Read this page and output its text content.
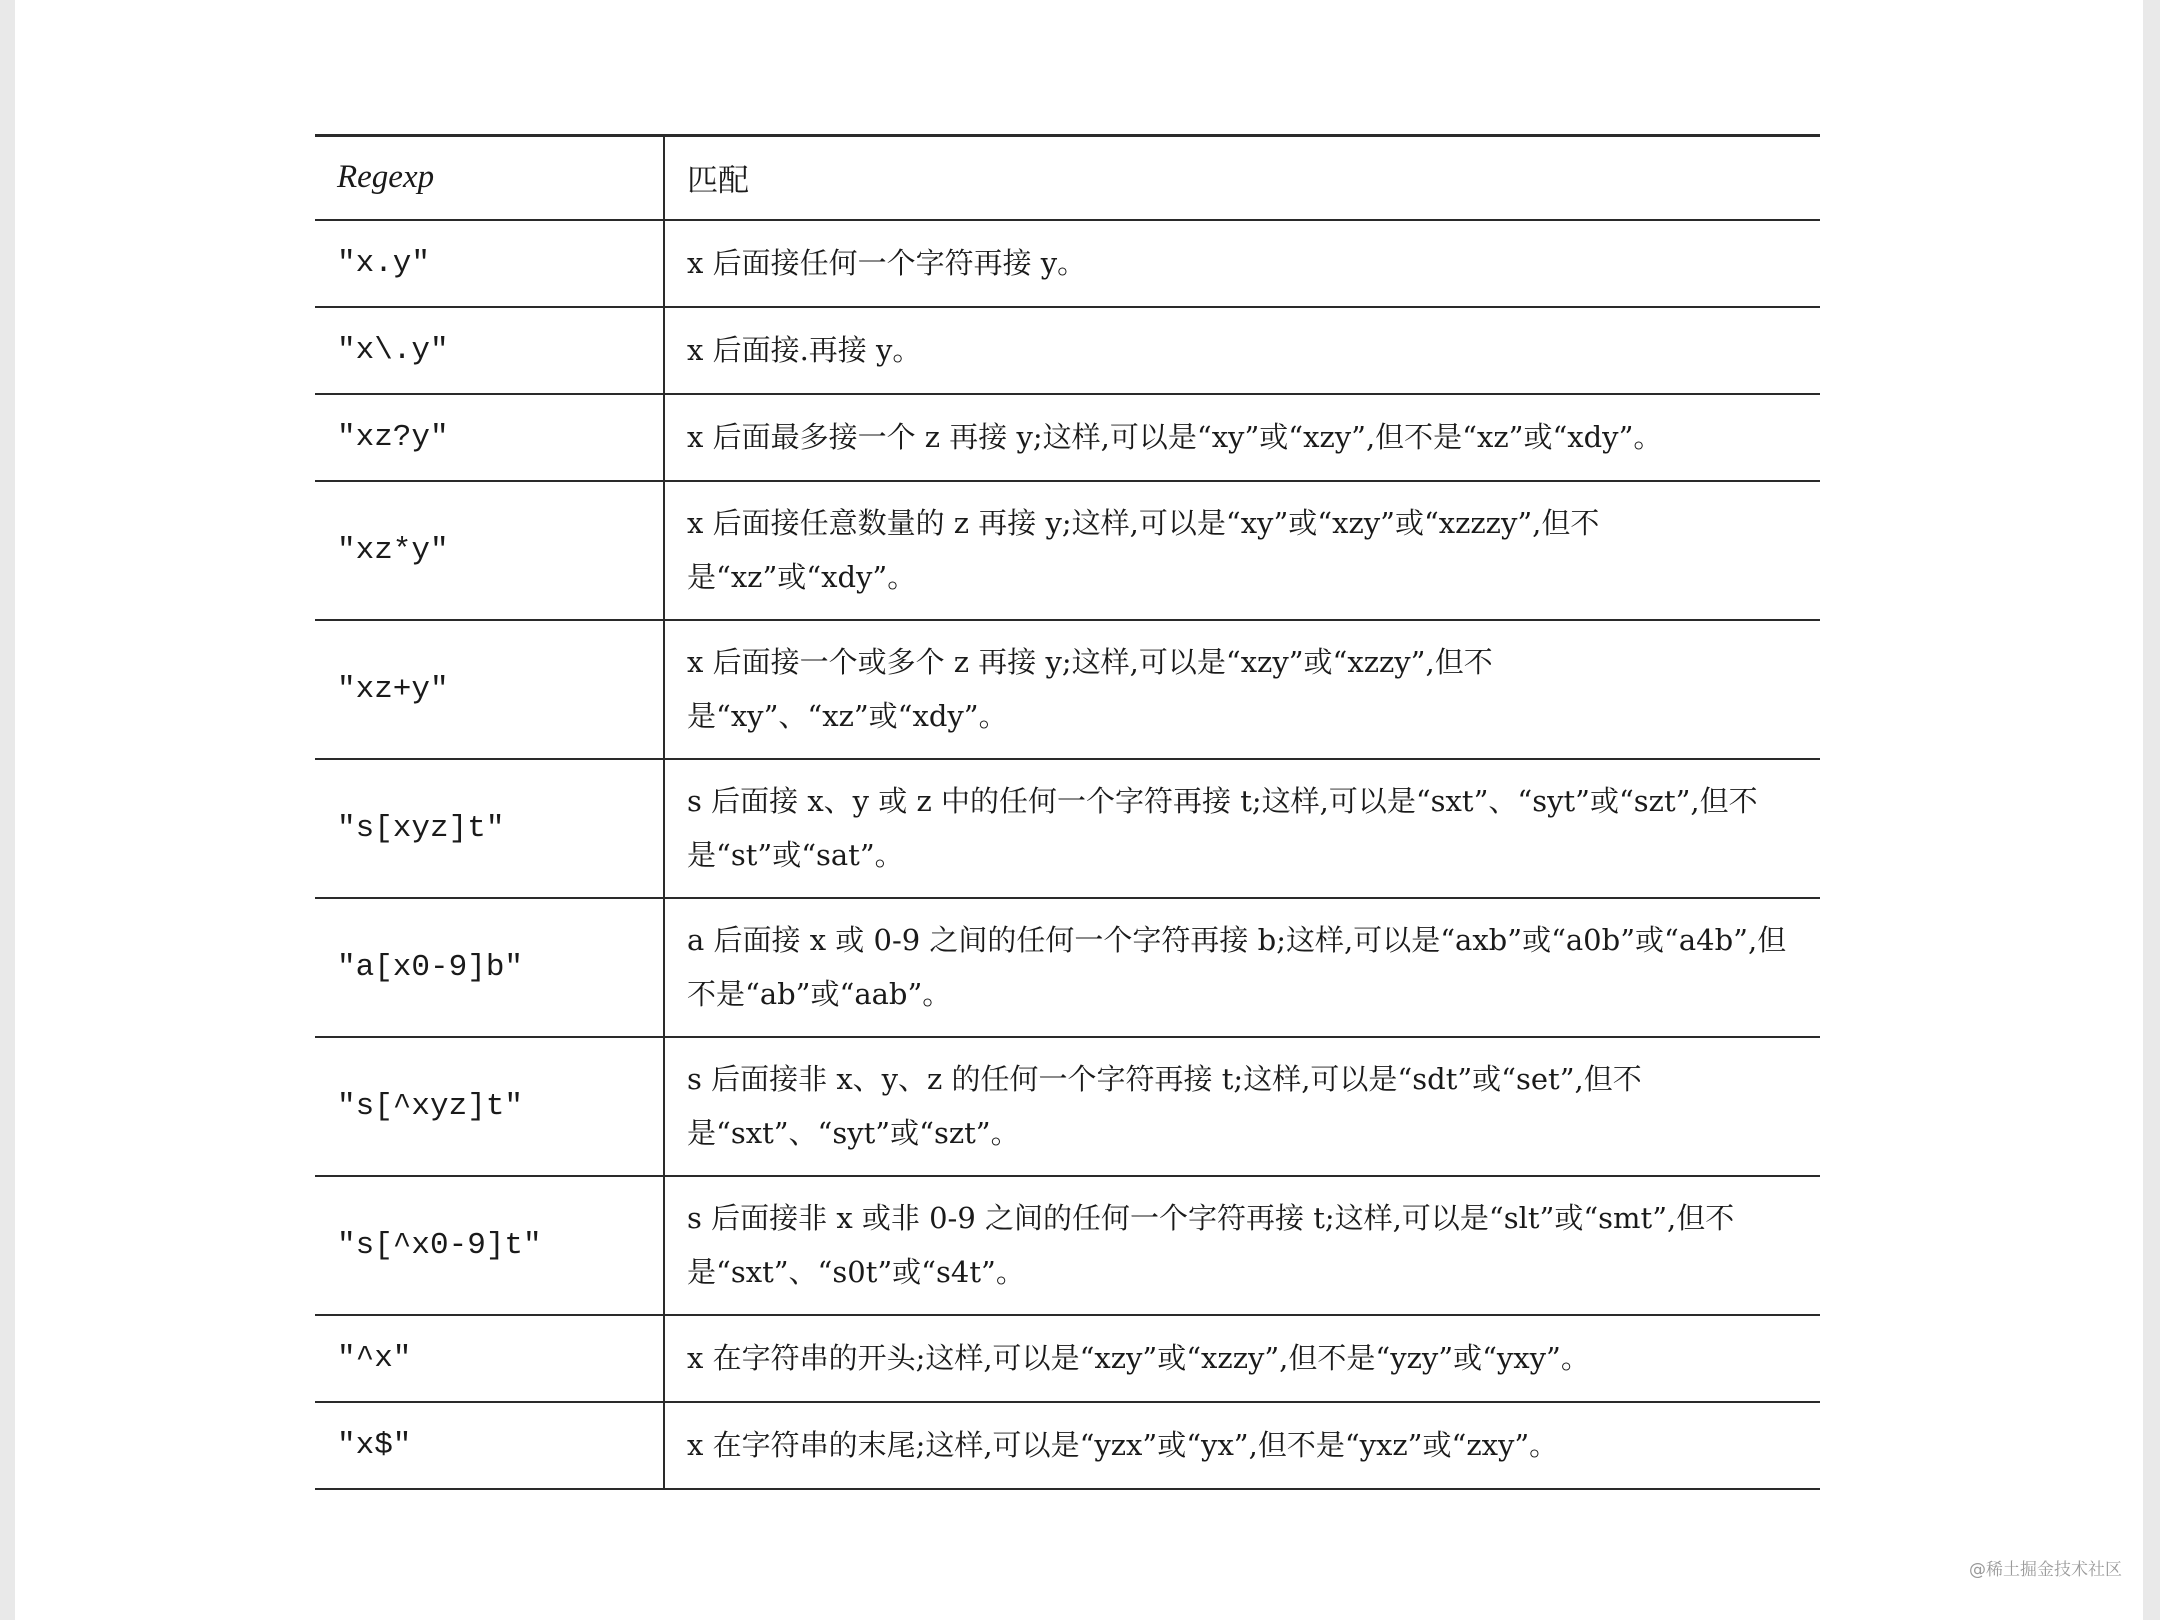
Regexp	匹配
"x.y"	x 后面接任何一个字符再接 y。
"x\.y"	x 后面接.再接 y。
"xz?y"	x 后面最多接一个 z 再接 y;这样,可以是“xy”或“xzy”,但不是“xz”或“xdy”。
"xz*y"	x 后面接任意数量的 z 再接 y;这样,可以是“xy”或“xzy”或“xzzzy”,但不是“xz”或“xdy”。
"xz+y"	x 后面接一个或多个 z 再接 y;这样,可以是“xzy”或“xzzy”,但不是“xy”、“xz”或“xdy”。
"s[xyz]t"	s 后面接 x、y 或 z 中的任何一个字符再接 t;这样,可以是“sxt”、“syt”或“szt”,但不是“st”或“sat”。
"a[x0-9]b"	a 后面接 x 或 0-9 之间的任何一个字符再接 b;这样,可以是“axb”或“a0b”或“a4b”,但不是“ab”或“aab”。
"s[^xyz]t"	s 后面接非 x、y、z 的任何一个字符再接 t;这样,可以是“sdt”或“set”,但不是“sxt”、“syt”或“szt”。
"s[^x0-9]t"	s 后面接非 x 或非 0-9 之间的任何一个字符再接 t;这样,可以是“slt”或“smt”,但不是“sxt”、“s0t”或“s4t”。
"^x"	x 在字符串的开头;这样,可以是“xzy”或“xzzy”,但不是“yzy”或“yxy”。
"x$"	x 在字符串的末尾;这样,可以是“yzx”或“yx”,但不是“yxz”或“zxy”。
@稀土掘金技术社区
